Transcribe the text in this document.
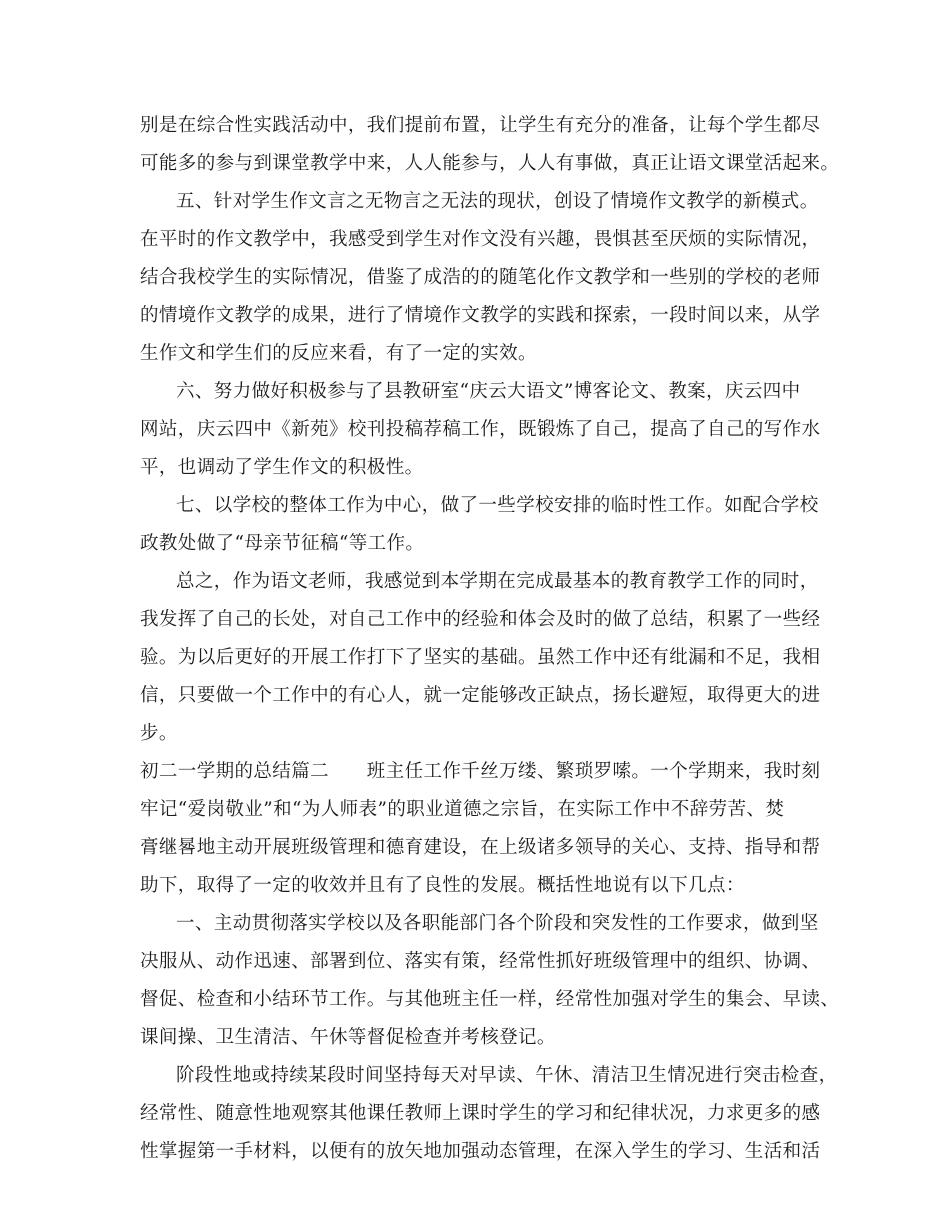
别是在综合性实践活动中，我们提前布置，让学生有充分的准备，让每个学生都尽
可能多的参与到课堂教学中来，人人能参与，人人有事做，真正让语文课堂活起来。
五、针对学生作文言之无物言之无法的现状，创设了情境作文教学的新模式。
在平时的作文教学中，我感受到学生对作文没有兴趣，畏惧甚至厌烦的实际情况，
结合我校学生的实际情况，借鉴了成浩的的随笔化作文教学和一些别的学校的老师
的情境作文教学的成果，进行了情境作文教学的实践和探索，一段时间以来，从学
生作文和学生们的反应来看，有了一定的实效。
六、努力做好积极参与了县教研室“庆云大语文”博客论文、教案，庆云四中
网站，庆云四中《新苑》校刊投稿荐稿工作，既锻炼了自己，提高了自己的写作水
平，也调动了学生作文的积极性。
七、以学校的整体工作为中心，做了一些学校安排的临时性工作。如配合学校
政教处做了“母亲节征稿“等工作。
总之，作为语文老师，我感觉到本学期在完成最基本的教育教学工作的同时，
我发挥了自己的长处，对自己工作中的经验和体会及时的做了总结，积累了一些经
验。为以后更好的开展工作打下了坚实的基础。虽然工作中还有纰漏和不足，我相
信，只要做一个工作中的有心人，就一定能够改正缺点，扬长避短，取得更大的进
步。
初二一学期的总结篇二　　班主任工作千丝万缕、繁琐罗嗦。一个学期来，我时刻
牢记“爱岗敬业”和“为人师表”的职业道德之宗旨，在实际工作中不辞劳苦、焚
膏继晷地主动开展班级管理和德育建设，在上级诸多领导的关心、支持、指导和帮
助下，取得了一定的收效并且有了良性的发展。概括性地说有以下几点：
一、主动贯彻落实学校以及各职能部门各个阶段和突发性的工作要求，做到坚
决服从、动作迅速、部署到位、落实有策，经常性抓好班级管理中的组织、协调、
督促、检查和小结环节工作。与其他班主任一样，经常性加强对学生的集会、早读、
课间操、卫生清洁、午休等督促检查并考核登记。
阶段性地或持续某段时间坚持每天对早读、午休、清洁卫生情况进行突击检查，
经常性、随意性地观察其他课任教师上课时学生的学习和纪律状况，力求更多的感
性掌握第一手材料，以便有的放矢地加强动态管理，在深入学生的学习、生活和活
